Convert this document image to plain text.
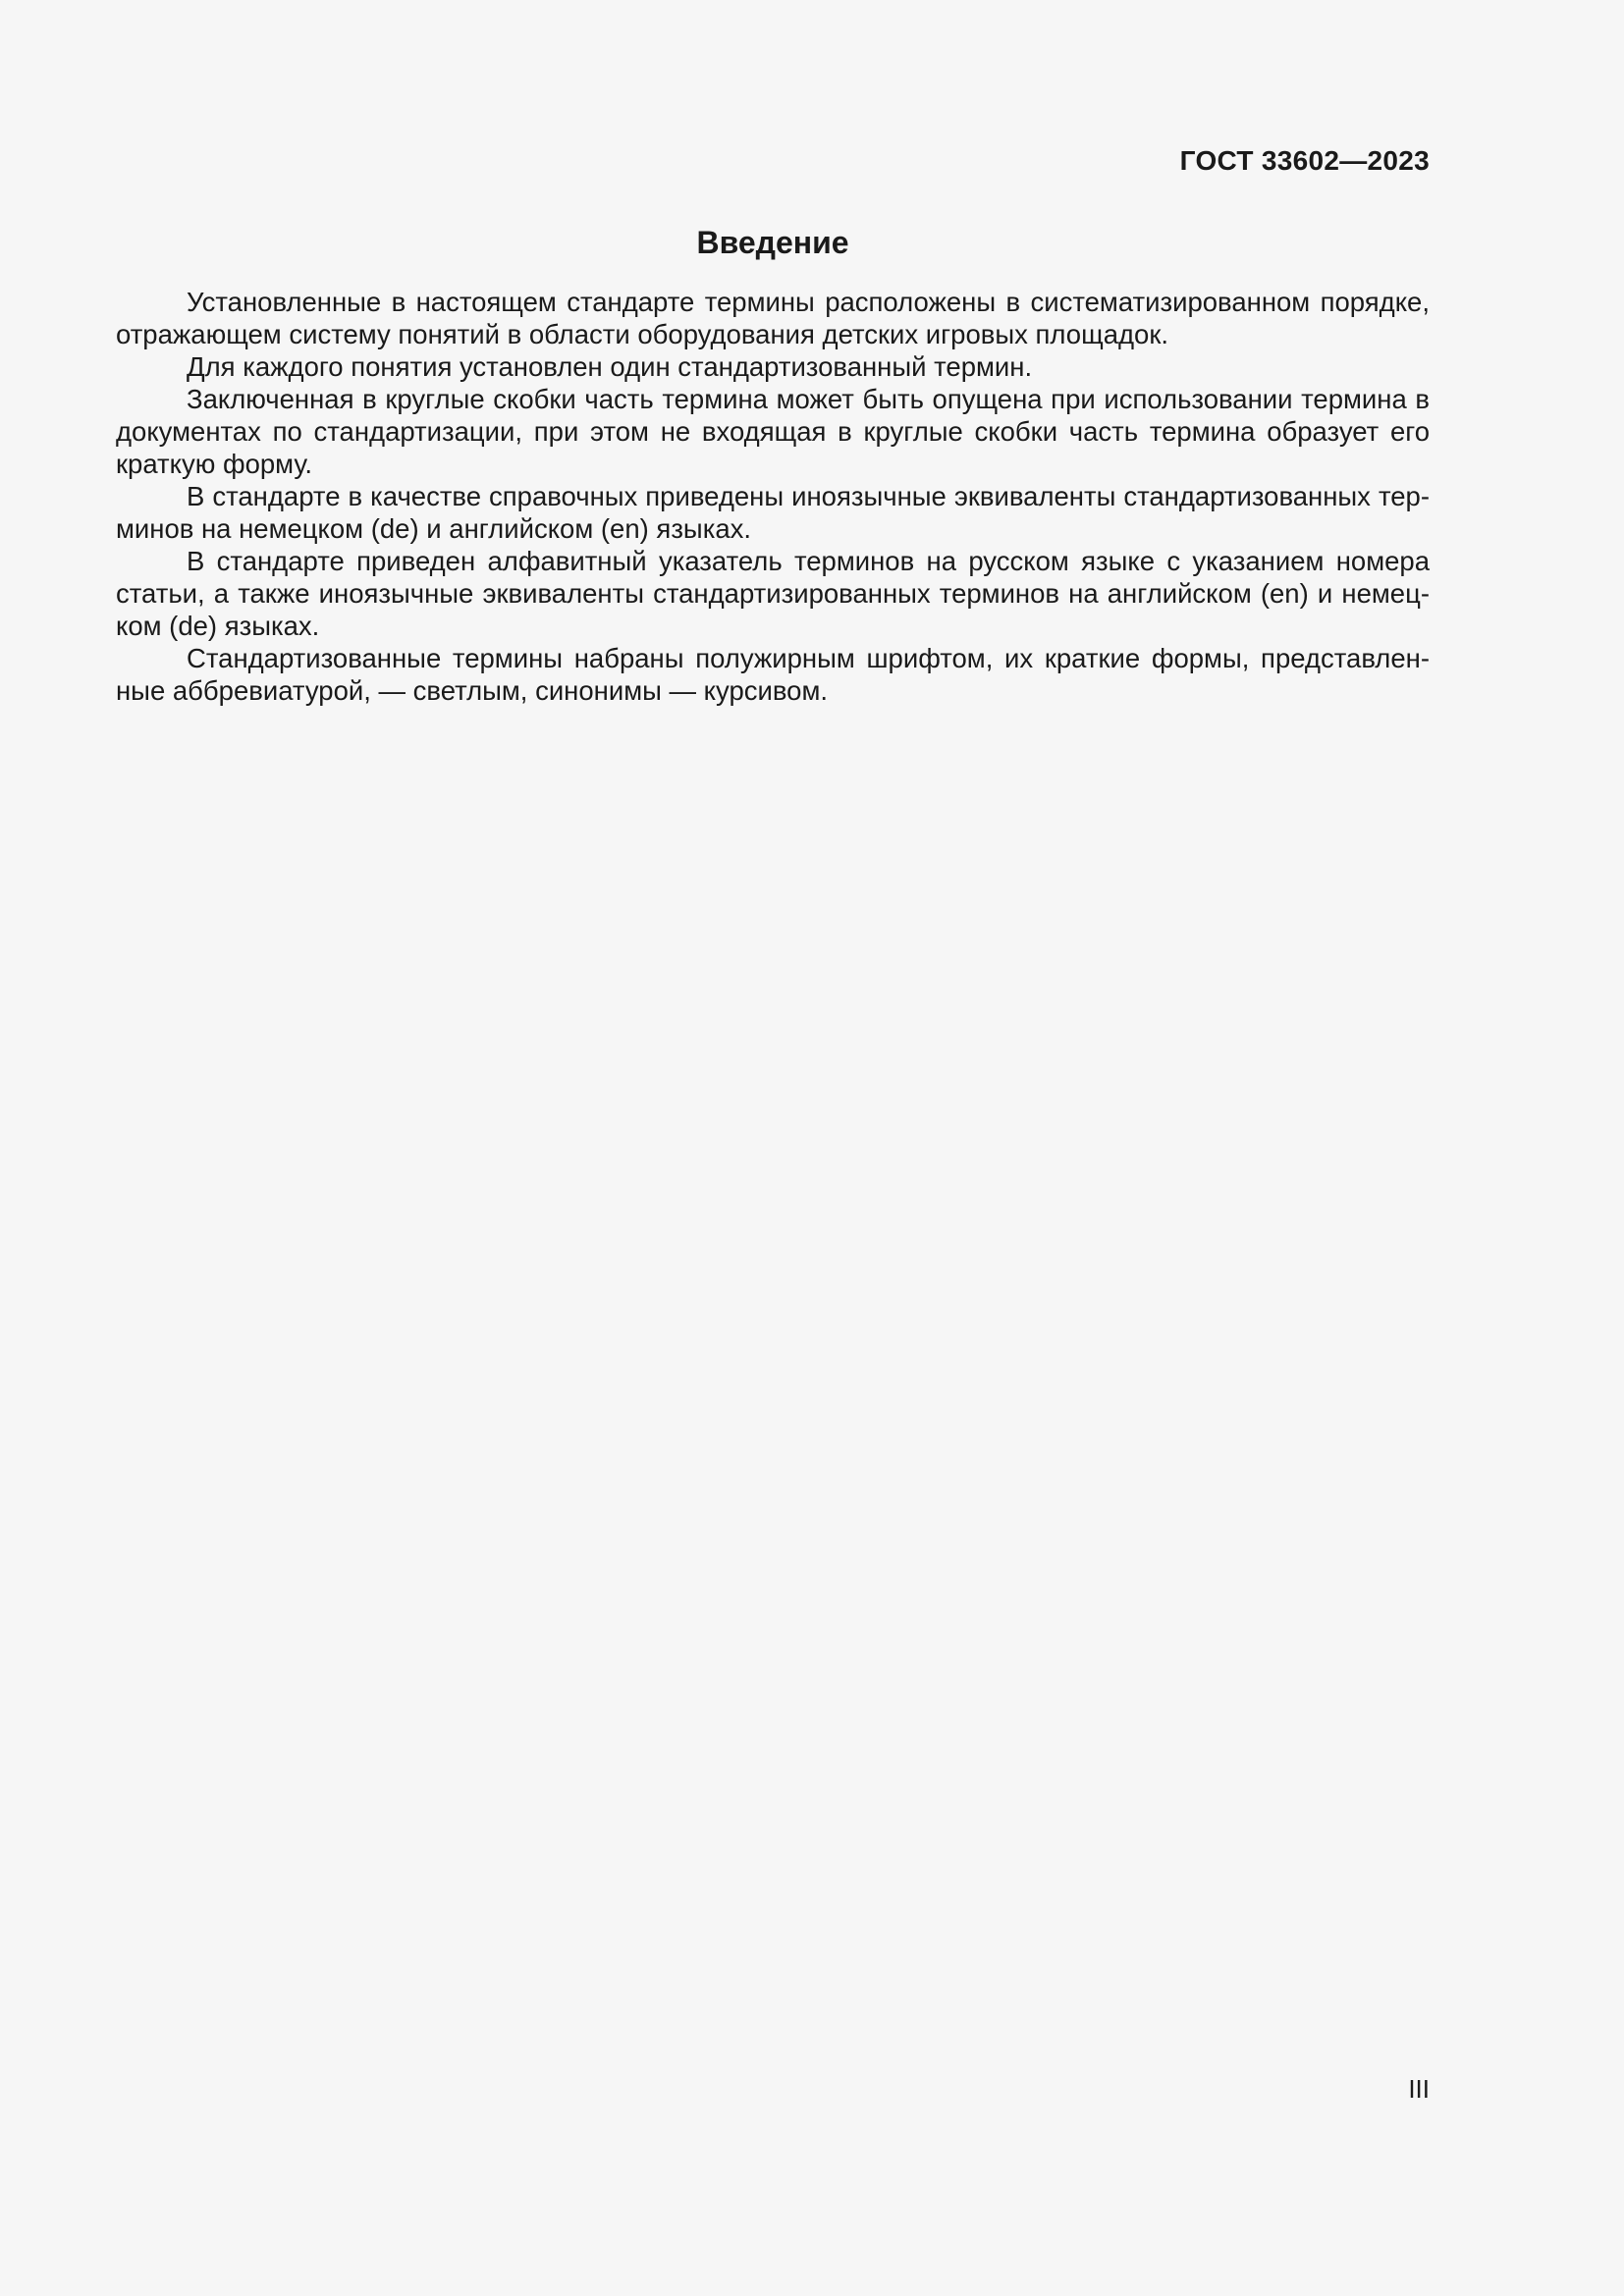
ГОСТ 33602—2023

Введение

Установленные в настоящем стандарте термины расположены в систематизированном порядке, отражающем систему понятий в области оборудования детских игровых площадок.

Для каждого понятия установлен один стандартизованный термин.

Заключенная в круглые скобки часть термина может быть опущена при использовании термина в документах по стандартизации, при этом не входящая в круглые скобки часть термина образует его краткую форму.

В стандарте в качестве справочных приведены иноязычные эквиваленты стандартизованных терминов на немецком (de) и английском (en) языках.

В стандарте приведен алфавитный указатель терминов на русском языке с указанием номера статьи, а также иноязычные эквиваленты стандартизированных терминов на английском (en) и немецком (de) языках.

Стандартизованные термины набраны полужирным шрифтом, их краткие формы, представленные аббревиатурой, — светлым, синонимы — курсивом.

III
